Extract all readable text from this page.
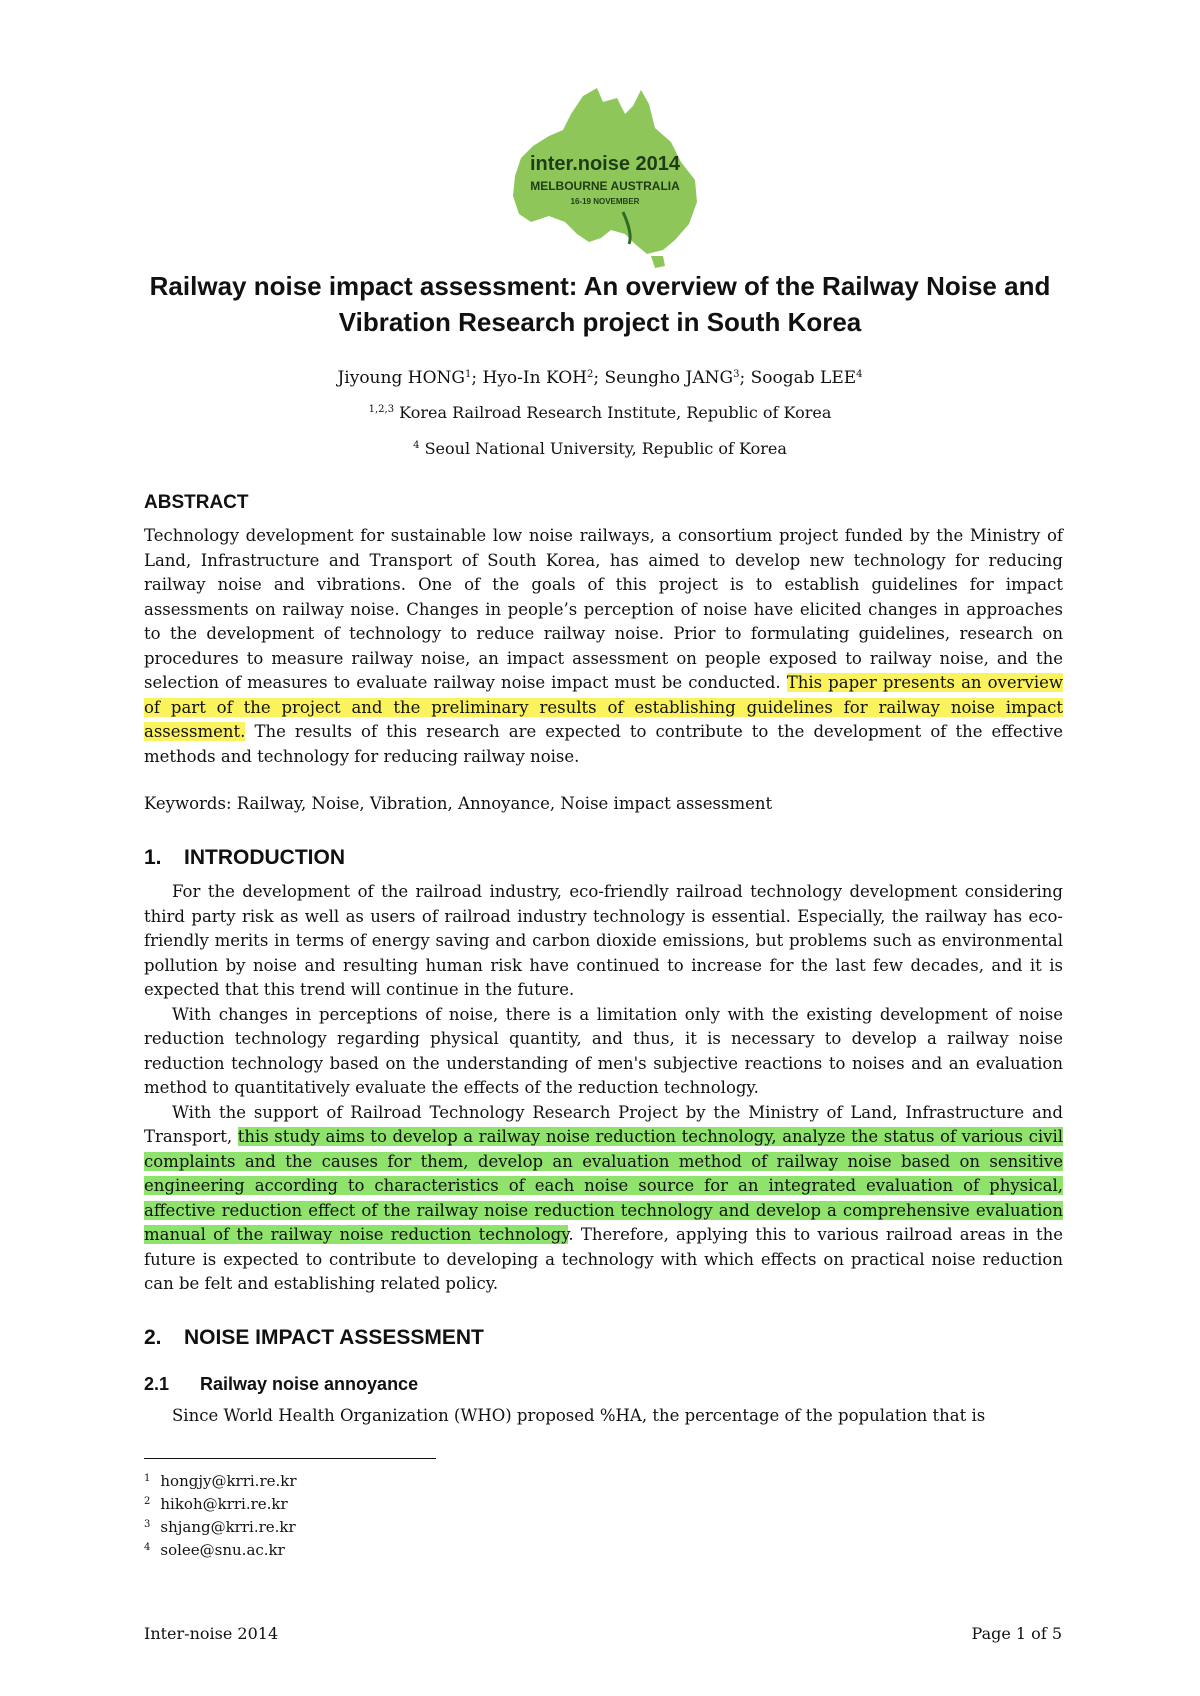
inter.noise 2014
MELBOURNE AUSTRALIA
16-19 NOVEMBER
Railway noise impact assessment: An overview of the Railway Noise and Vibration Research project in South Korea
Jiyoung HONG$^1$; Hyo-In KOH$^2$; Seungho JANG$^3$; Soogab LEE$^4$
$^{1,2,3}$ Korea Railroad Research Institute, Republic of Korea
$^4$ Seoul National University, Republic of Korea
ABSTRACT
Technology development for sustainable low noise railways, a consortium project funded by the Ministry of Land, Infrastructure and Transport of South Korea, has aimed to develop new technology for reducing railway noise and vibrations. One of the goals of this project is to establish guidelines for impact assessments on railway noise. Changes in people’s perception of noise have elicited changes in approaches to the development of technology to reduce railway noise. Prior to formulating guidelines, research on procedures to measure railway noise, an impact assessment on people exposed to railway noise, and the selection of measures to evaluate railway noise impact must be conducted. This paper presents an overview of part of the project and the preliminary results of establishing guidelines for railway noise impact assessment. The results of this research are expected to contribute to the development of the effective methods and technology for reducing railway noise.
Keywords: Railway, Noise, Vibration, Annoyance, Noise impact assessment
1. INTRODUCTION

For the development of the railroad industry, eco-friendly railroad technology development considering third party risk as well as users of railroad industry technology is essential. Especially, the railway has eco-friendly merits in terms of energy saving and carbon dioxide emissions, but problems such as environmental pollution by noise and resulting human risk have continued to increase for the last few decades, and it is expected that this trend will continue in the future.

With changes in perceptions of noise, there is a limitation only with the existing development of noise reduction technology regarding physical quantity, and thus, it is necessary to develop a railway noise reduction technology based on the understanding of men's subjective reactions to noises and an evaluation method to quantitatively evaluate the effects of the reduction technology.

With the support of Railroad Technology Research Project by the Ministry of Land, Infrastructure and Transport, this study aims to develop a railway noise reduction technology, analyze the status of various civil complaints and the causes for them, develop an evaluation method of railway noise based on sensitive engineering according to characteristics of each noise source for an integrated evaluation of physical, affective reduction effect of the railway noise reduction technology and develop a comprehensive evaluation manual of the railway noise reduction technology. Therefore, applying this to various railroad areas in the future is expected to contribute to developing a technology with which effects on practical noise reduction can be felt and establishing related policy.

2. NOISE IMPACT ASSESSMENT
2.1 Railway noise annoyance

Since World Health Organization (WHO) proposed %HA, the percentage of the population that is

$^1$ hongjy@krri.re.kr
$^2$ hikoh@krri.re.kr
$^3$ shjang@krri.re.kr
$^4$ solee@snu.ac.kr
Inter-noise 2014	Page 1 of 5
